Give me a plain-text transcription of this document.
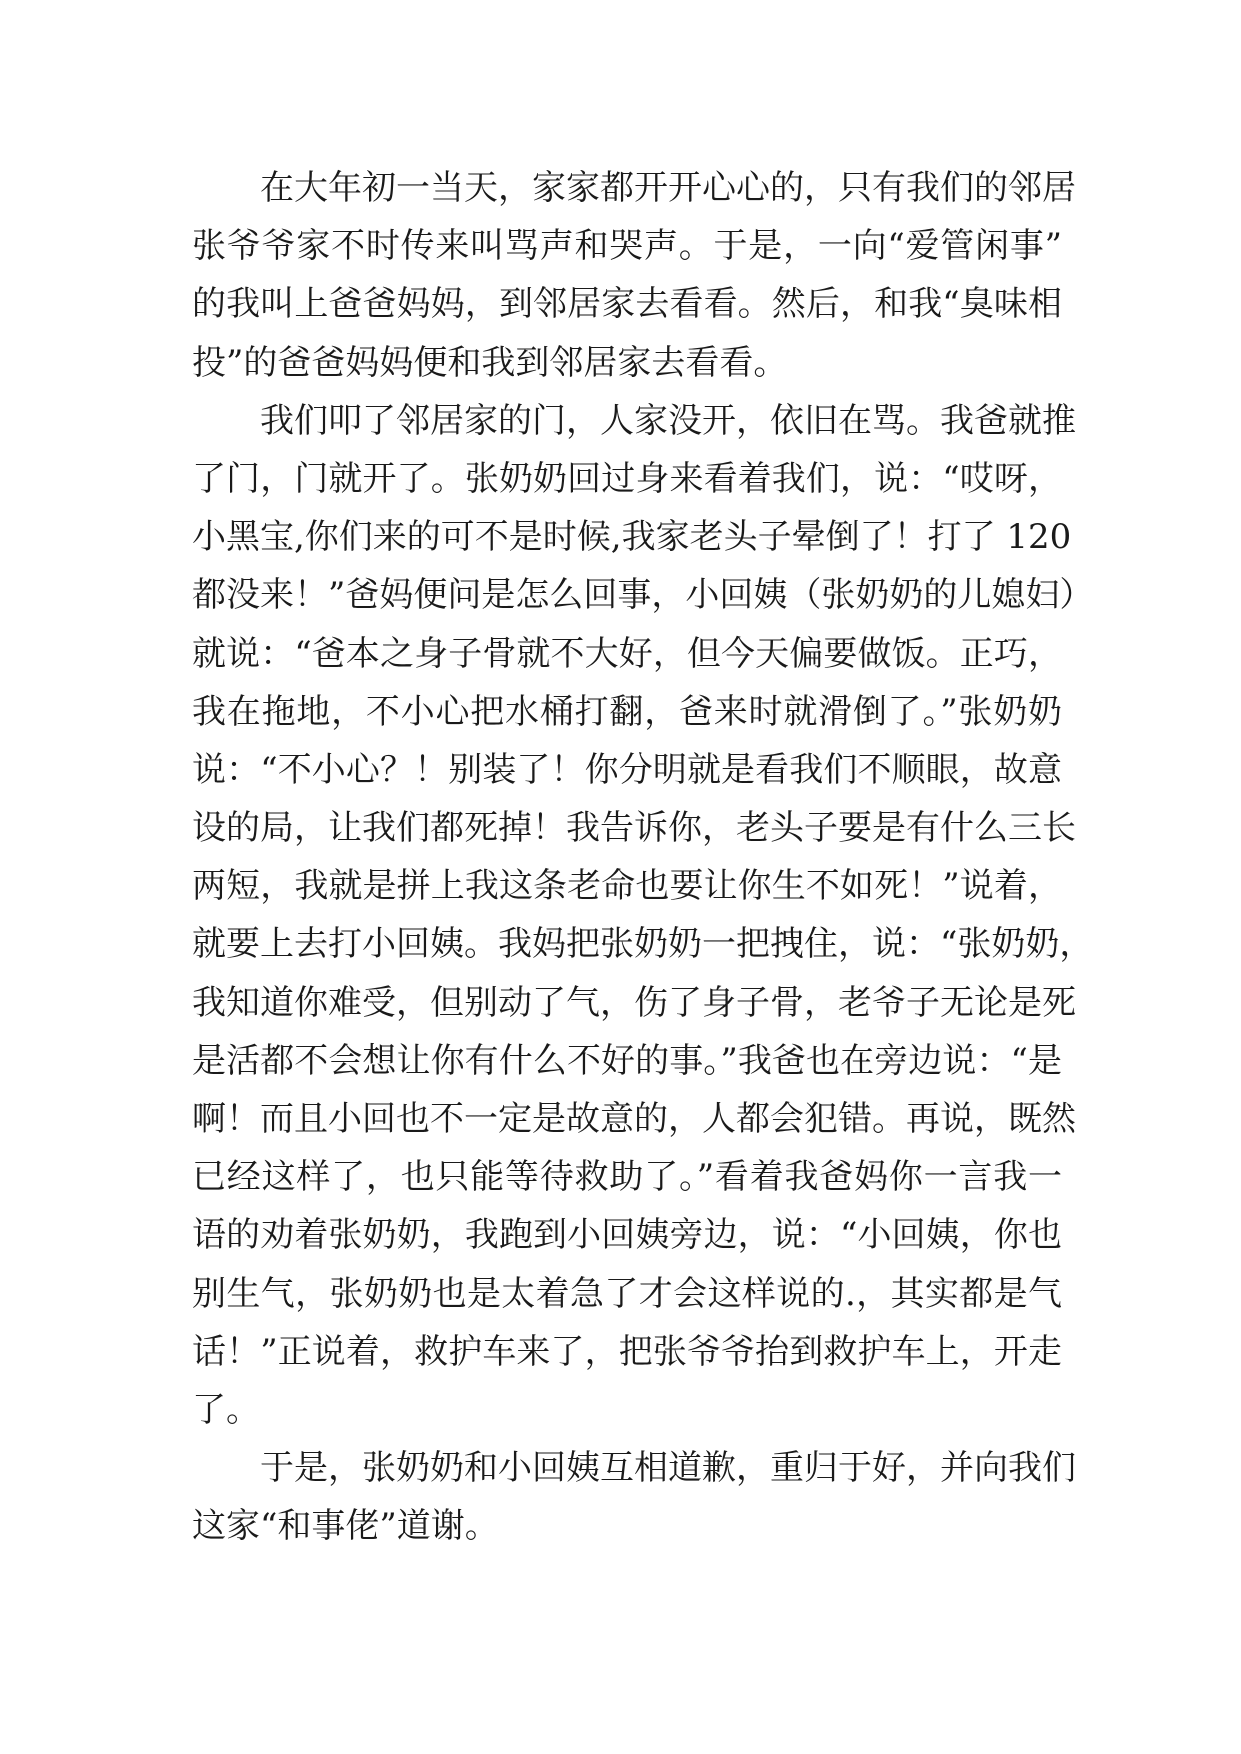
在大年初一当天，家家都开开心心的，只有我们的邻居
张爷爷家不时传来叫骂声和哭声。于是，一向“爱管闲事”
的我叫上爸爸妈妈，到邻居家去看看。然后，和我“臭味相
投”的爸爸妈妈便和我到邻居家去看看。
我们叩了邻居家的门，人家没开，依旧在骂。我爸就推
了门，门就开了。张奶奶回过身来看着我们，说：“哎呀，
小黑宝,你们来的可不是时候,我家老头子晕倒了！打了 120
都没来！”爸妈便问是怎么回事，小回姨（张奶奶的儿媳妇）
就说：“爸本之身子骨就不大好，但今天偏要做饭。正巧，
我在拖地，不小心把水桶打翻，爸来时就滑倒了。”张奶奶
说：“不小心？！别装了！你分明就是看我们不顺眼，故意
设的局，让我们都死掉！我告诉你，老头子要是有什么三长
两短，我就是拼上我这条老命也要让你生不如死！”说着，
就要上去打小回姨。我妈把张奶奶一把拽住，说：“张奶奶，
我知道你难受，但别动了气，伤了身子骨，老爷子无论是死
是活都不会想让你有什么不好的事。”我爸也在旁边说：“是
啊！而且小回也不一定是故意的，人都会犯错。再说，既然
已经这样了，也只能等待救助了。”看着我爸妈你一言我一
语的劝着张奶奶，我跑到小回姨旁边，说：“小回姨，你也
别生气，张奶奶也是太着急了才会这样说的.，其实都是气
话！”正说着，救护车来了，把张爷爷抬到救护车上，开走
了。
于是，张奶奶和小回姨互相道歉，重归于好，并向我们
这家“和事佬”道谢。
